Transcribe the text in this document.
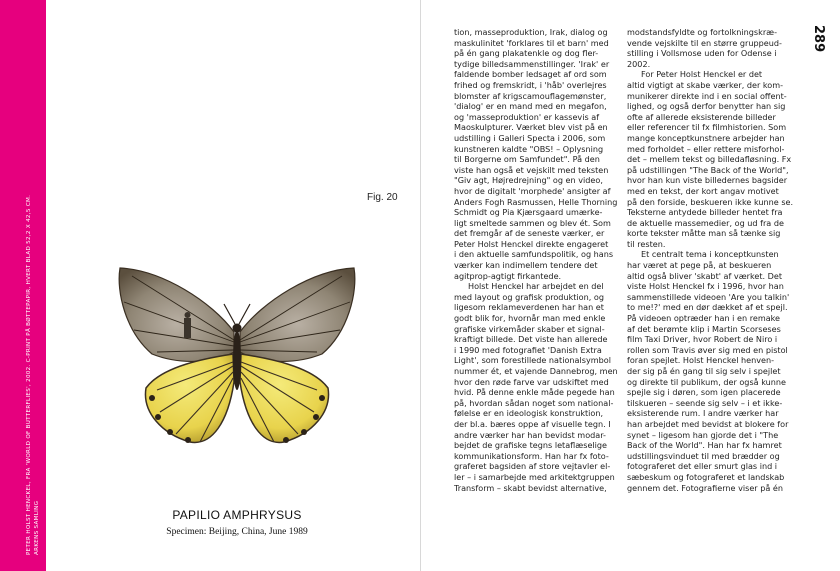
PETER HOLST HENCKEL, FRA 'WORLD OF BUTTERFLIES', 2002. C-PRINT PÅ BØTTEPAPIR, HVERT BLAD 52,2 X 42,5 CM. ARKENS SAMLING
Fig. 20
PAPILIO AMPHRYSUS
Specimen: Beijing, China, June 1989
tion, masseproduktion, Irak, dialog og
maskulinitet 'forklares til et barn' med
på én gang plakatenkle og dog fler-
tydige billedsammenstillinger. 'Irak' er
faldende bomber ledsaget af ord som
frihed og fremskridt, i 'håb' overlejres
blomster af krigscamouflagemønster,
'dialog' er en mand med en megafon,
og 'masseproduktion' er kassevis af
Maoskulpturer. Værket blev vist på en
udstilling i Galleri Specta i 2006, som
kunstneren kaldte "OBS! – Oplysning
til Borgerne om Samfundet". På den
viste han også et vejskilt med teksten
"Giv agt, Højredrejning" og en video,
hvor de digitalt 'morphede' ansigter af
Anders Fogh Rasmussen, Helle Thorning
Schmidt og Pia Kjærsgaard umærke-
ligt smeltede sammen og blev ét. Som
det fremgår af de seneste værker, er
Peter Holst Henckel direkte engageret
i den aktuelle samfundspolitik, og hans
værker kan indimellem tendere det
agitprop-agtigt firkantede.
Holst Henckel har arbejdet en del
med layout og grafisk produktion, og
ligesom reklameverdenen har han et
godt blik for, hvornår man med enkle
grafiske virkemåder skaber et signal-
kraftigt billede. Det viste han allerede
i 1990 med fotografiet 'Danish Extra
Light', som forestillede nationalsymbol
nummer ét, et vajende Dannebrog, men
hvor den røde farve var udskiftet med
hvid. På denne enkle måde pegede han
på, hvordan sådan noget som national-
følelse er en ideologisk konstruktion,
der bl.a. bæres oppe af visuelle tegn. I
andre værker har han bevidst modar-
bejdet de grafiske tegns letaflæselige
kommunikationsform. Han har fx foto-
graferet bagsiden af store vejtavler el-
ler – i samarbejde med arkitektgruppen
Transform – skabt bevidst alternative,
modstandsfyldte og fortolkningskræ-
vende vejskilte til en større gruppeud-
stilling i Vollsmose uden for Odense i
2002.
For Peter Holst Henckel er det
altid vigtigt at skabe værker, der kom-
munikerer direkte ind i en social offent-
lighed, og også derfor benytter han sig
ofte af allerede eksisterende billeder
eller referencer til fx filmhistorien. Som
mange konceptkunstnere arbejder han
med forholdet – eller rettere misforhol-
det – mellem tekst og billedafløsning. Fx
på udstillingen "The Back of the World",
hvor han kun viste billedernes bagsider
med en tekst, der kort angav motivet
på den forside, beskueren ikke kunne se.
Teksterne antydede billeder hentet fra
de aktuelle massemedier, og ud fra de
korte tekster måtte man så tænke sig
til resten.
Et centralt tema i konceptkunsten
har været at pege på, at beskueren
altid også bliver 'skabt' af værket. Det
viste Holst Henckel fx i 1996, hvor han
sammenstillede videoen 'Are you talkin'
to me!?' med en dør dækket af et spejl.
På videoen optræder han i en remake
af det berømte klip i Martin Scorseses
film Taxi Driver, hvor Robert de Niro i
rollen som Travis øver sig med en pistol
foran spejlet. Holst Henckel henven-
der sig på én gang til sig selv i spejlet
og direkte til publikum, der også kunne
spejle sig i døren, som igen placerede
tilskueren – seende sig selv – i et ikke-
eksisterende rum. I andre værker har
han arbejdet med bevidst at blokere for
synet – ligesom han gjorde det i "The
Back of the World". Han har fx hamret
udstillingsvinduet til med brædder og
fotograferet det eller smurt glas ind i
sæbeskum og fotograferet et landskab
gennem det. Fotografierne viser på én
289
